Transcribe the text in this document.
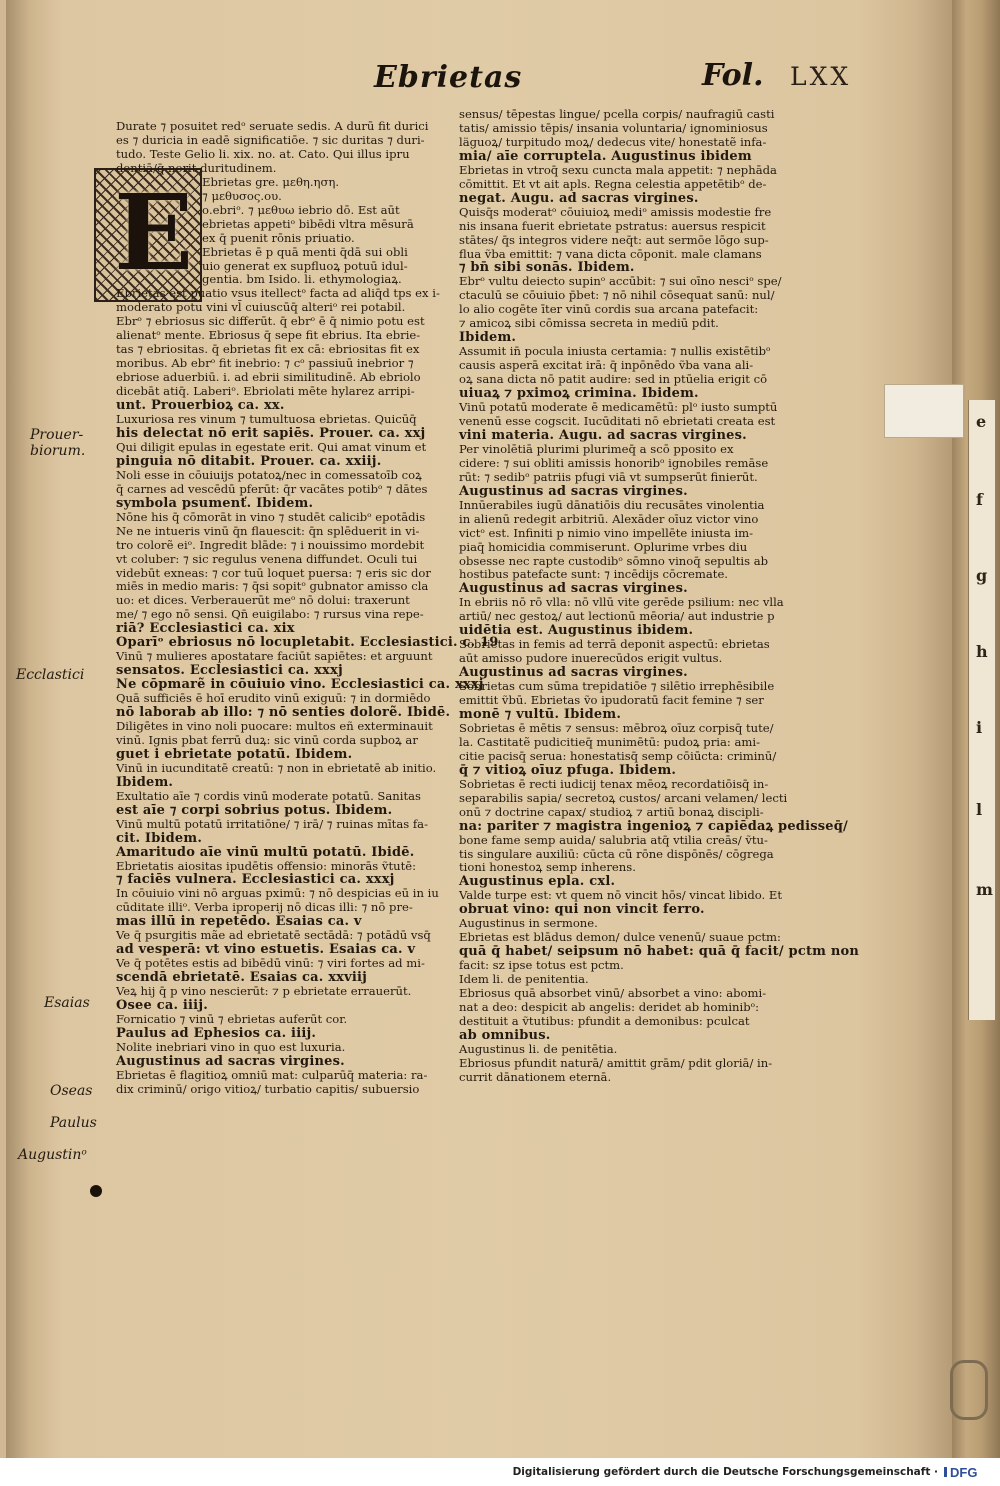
Ebrietas	Fol. LXX
E

Durate ⁊ posuitet redᵒ seruate sedis. A durū fit durici

es ⁊ duricia in eadē significatiōe. ⁊ sic duritas ⁊ duri-

tudo. Teste Gelio li. xix. no. at. Cato. Qui illus ipru

dentiā/q̄ norit duritudinem.

Ebrietas gre. μεθη.ηση.

⁊ μεθυσος.ου.

ο.ebriᵒ. ⁊ μεθυω iebrio dō. Est aūt

ebrietas appetiᵒ bibēdi vltra mēsurā

ex q̄ puenit rōnis priuatio.

Ebrietas ē p quā menti q̄dā sui obli

uio generat ex supfluoꝝ potuū idul-

gentia. bm Isido. li. ethymologiaꝝ.

Ebrietas est puatio vsus itellectᵒ facta ad aliq̄d tps ex i-

moderato potu vini vl̄ cuiuscūq̄ alteriᵒ rei potabil.

Ebrᵒ ⁊ ebriosus sic differūt. q̄ ebrᵒ ē q̄ nimio potu est

alienatᵒ mente. Ebriosus q̄ sepe fit ebrius. Ita ebrie-

tas ⁊ ebriositas. q̄ ebrietas fit ex cā: ebriositas fit ex

moribus. Ab ebrᵒ fit inebrio: ⁊ cᵒ passiuū inebrior ⁊

ebriose aduerbiū. i. ad ebrii similitudinē. Ab ebriolo

dicebāt atiq̄. Laberiᵒ. Ebriolati mēte hylarez arripi-

unt. Prouerbioꝝ ca. xx.

Luxuriosa res vinum ⁊ tumultuosa ebrietas. Quicūq̄

his delectat nō erit sapiēs. Prouer. ca. xxj

Qui diligit epulas in egestate erit. Qui amat vinum et

pinguia nō ditabit. Prouer. ca. xxiij.

Noli esse in cōuiuijs potatoꝝ/nec in comessatoīb coꝝ

q̄ carnes ad vescēdū pferūt: q̄r vacātes potibᵒ ⁊ dātes

symbola psumenť. Ibidem.

Nōne his q̄ cōmorāt in vino ⁊ studēt calicibᵒ epotādis

Ne ne intueris vinū q̄n flauescit: q̄n splēduerit in vi-

tro colorẽ eiᵒ. Ingredit blāde: ⁊ i nouissimo mordebit

vt coluber: ⁊ sic regulus venena diffundet. Oculi tui

videbūt exneas: ⁊ cor tuū loquet puersa: ⁊ eris sic dor

miēs in medio maris: ⁊ q̄si sopitᵒ gubnator amisso cla

uo: et dices. Verberauerūt meᵒ nō dolui: traxerunt

me/ ⁊ ego nō sensi. Qn̄ euigilabo: ⁊ rursus vina repe-

riā? Ecclesiastici ca. xix

Oparīᵒ ebriosus nō locupletabit. Ecclesiastici. c. 19

Vinū ⁊ mulieres apostatare faciūt sapiētes: et arguunt

sensatos. Ecclesiastici ca. xxxj

Ne cōpmarẽ in cōuiuio vino. Ecclesiastici ca. xxxj

Quā sufficiēs ē hoī erudito vinū exiguū: ⁊ in dormiēdo

nō laborab ab illo: ⁊ nō senties dolorẽ. Ibidē.

Diligētes in vino noli puocare: multos eñ exterminauit

vinū. Ignis pbat ferrū duꝝ: sic vinū corda supboꝝ ar

guet i ebrietate potatū. Ibidem.

Vinū in iucunditatē creatū: ⁊ non in ebrietatē ab initio.

Ibidem.

Exultatio aīe ⁊ cordis vinū moderate potatū. Sanitas

est aīe ⁊ corpi sobrius potus. Ibidem.

Vinū multū potatū irritatiōne/ ⁊ irā/ ⁊ ruinas mītas fa-

cit. Ibidem.

Amaritudo aīe vinū multū potatū. Ibidē.

Ebrietatis aiositas ipudētis offensio: minorās ṽtutē:

⁊ faciēs vulnera. Ecclesiastici ca. xxxj

In cōuiuio vini nō arguas pximū: ⁊ nō despicias eū in iu

cūditate illiᵒ. Verba iproperij nō dicas illi: ⁊ nō pre-

mas illū in repetēdo. Esaias ca. v

Ve q̄ psurgitis mãe ad ebrietatē sectādā: ⁊ potādū vsq̄

ad vesperā: vt vino estuetis. Esaias ca. v

Ve q̄ potētes estis ad bibēdū vinū: ⁊ viri fortes ad mi-

scendā ebrietatē. Esaias ca. xxviij

Veꝝ hij q̄ p vino nescierūt: ⁊ p ebrietate errauerūt.

Osee ca. iiij.

Fornicatio ⁊ vinū ⁊ ebrietas auferūt cor.

Paulus ad Ephesios ca. iiij.

Nolite inebriari vino in quo est luxuria.

Augustinus ad sacras virgines.

Ebrietas ē flagitioꝝ omniū mat: culparūq̄ materia: ra-

dix criminū/ origo vitioꝝ/ turbatio capitis/ subuersio

sensus/ tēpestas lingue/ pcella corpis/ naufragiū casti

tatis/ amissio tēpis/ insania voluntaria/ ignominiosus

läguoꝝ/ turpitudo moꝝ/ dedecus vite/ honestatẽ infa-

mia/ aīe corruptela. Augustinus ibidem

Ebrietas in vtroq̄ sexu cuncta mala appetit: ⁊ nephāda

cōmittit. Et vt ait apls. Regna celestia appetētibᵒ de-

negat. Augu. ad sacras virgines.

Quisq̄s moderatᵒ cōuiuioꝝ mediᵒ amissis modestie fre

nis insana fuerit ebrietate pstratus: auersus respicit

stātes/ q̄s integros videre neq̄t: aut sermōe lōgo sup-

flua ṽba emittit: ⁊ vana dicta cōponit. male clamans

⁊ bn̄ sibi sonās. Ibidem.

Ebrᵒ vultu deiecto supinᵒ accūbit: ⁊ sui oīno nesciᵒ spe/

ctaculū se cōuiuio p̄bet: ⁊ nō nihil cōsequat sanū: nul/

lo alio cogēte īter vinū cordis sua arcana patefacit:

⁊ amicoꝝ sibi cōmissa secreta in mediū pdit.

Ibidem.

Assumit in̄ pocula iniusta certamia: ⁊ nullis existētibᵒ

causis asperā excitat irā: q̄ inpōnēdo ṽba vana ali-

oꝝ sana dicta nō patit audire: sed in ptūelia erigit cō

uiuaꝝ ⁊ pximoꝝ crimina. Ibidem.

Vinū potatū moderate ē medicamētū: plᵒ iusto sumptū

venenū esse cogscit. Iucūditati nō ebrietati creata est

vini materia. Augu. ad sacras virgines.

Per vinolētiā plurimi plurimeq̄ a scō pposito ex

cidere: ⁊ sui obliti amissis honoribᵒ ignobiles remāse

rūt: ⁊ sedibᵒ patriis pfugi viā vt sumpserūt finierūt.

Augustinus ad sacras virgines.

Innūerabiles iugū dānatiōis diu recusātes vinolentia

in alienū redegit arbitriū. Alexāder oīuz victor vino

victᵒ est. Infiniti p nimio vino impellēte iniusta im-

piaq̄ homicidia commiserunt. Oplurime vrbes diu

obsesse nec rapte custodibᵒ sōmno vinoq̄ sepultis ab

hostibus patefacte sunt: ⁊ incēdijs cōcremate.

Augustinus ad sacras virgines.

In ebriis nō rō vlla: nō vllū vite gerēde psilium: nec vlla

artiū/ nec gestoꝝ/ aut lectionū mēoria/ aut industrie p

uidētia est. Augustinus ibidem.

Sobrietas in femis ad terrā deponit aspectū: ebrietas

aūt amisso pudore inuerecūdos erigit vultus.

Augustinus ad sacras virgines.

Sobrietas cum sūma trepidatiōe ⁊ silētio irrephēsibile

emittit ṽbū. Ebrietas ṽo ipudoratū facit femine ⁊ ser

monē ⁊ vultū. Ibidem.

Sobrietas ē mētis ⁊ sensus: mēbroꝝ oīuz corpisq̄ tute/

la. Castitatẽ pudicitieq̄ munimētū: pudoꝝ pria: ami-

citie pacisq̄ serua: honestatisq̄ semp cōiūcta: criminū/

q̄ ⁊ vitioꝝ oīuz pfuga. Ibidem.

Sobrietas ē recti iudicij tenax mēoꝝ recordatiōisq̄ in-

separabilis sapia/ secretoꝝ custos/ arcani velamen/ lecti

onū ⁊ doctrine capax/ studioꝝ ⁊ artiū bonaꝝ discipli-

na: pariter ⁊ magistra ingenioꝝ ⁊ capiēdaꝝ pedisseq̄/

bone fame semp auida/ salubria atq̄ vtilia creās/ ṽtu-

tis singulare auxiliū: cūcta cū rōne dispōnēs/ cōgrega

tioni honestoꝝ semp inherens.

Augustinus epla. cxl.

Valde turpe est: vt quem nō vincit hōs/ vincat libido. Et

obruat vino: qui non vincit ferro.

Augustinus in sermone.

Ebrietas est blādus demon/ dulce venenū/ suaue pctm:

quā q̄ habet/ seipsum nō habet: quā q̄ facit/ pctm non

facit: sz ipse totus est pctm.

Idem li. de penitentia.

Ebriosus quā absorbet vinū/ absorbet a vino: abomi-

nat a deo: despicit ab angelis: deridet ab hominibᵒ:

destituit a ṽtutibus: pfundit a demonibus: pculcat

ab omnibus.

Augustinus li. de penitētia.

Ebriosus pfundit naturā/ amittit grām/ pdit gloriā/ in-

currit dānationem eternā.

Prouer-
biorum.
Ecclastici
Esaias
Oseas
Paulus
Augustinᵒ
e
f
g
h
i
l
m
Digitalisierung gefördert durch die Deutsche Forschungsgemeinschaft · DFG
